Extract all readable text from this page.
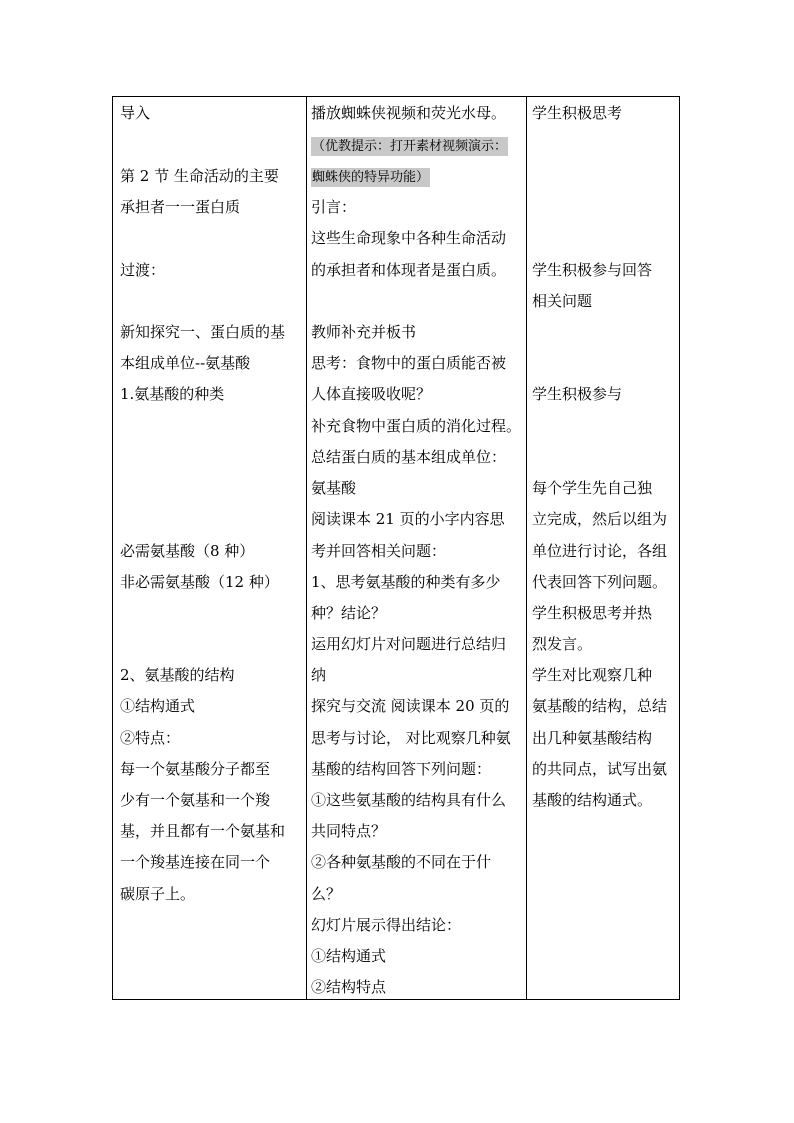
导入
第 2 节 生命活动的主要
承担者一一蛋白质
过渡：
新知探究一、蛋白质的基
本组成单位--氨基酸
1.氨基酸的种类
必需氨基酸（8 种）
非必需氨基酸（12 种）
2、氨基酸的结构
①结构通式
②特点：
每一个氨基酸分子都至
少有一个氨基和一个羧
基，并且都有一个氨基和
一个羧基连接在同一个
碳原子上。
播放蜘蛛侠视频和荧光水母。
（优教提示：打开素材视频演示：
蜘蛛侠的特异功能）
引言：
这些生命现象中各种生命活动
的承担者和体现者是蛋白质。
教师补充并板书
思考：食物中的蛋白质能否被
人体直接吸收呢？
补充食物中蛋白质的消化过程。
总结蛋白质的基本组成单位：
氨基酸
阅读课本 21 页的小字内容思
考并回答相关问题：
1、思考氨基酸的种类有多少
种？结论？
运用幻灯片对问题进行总结归
纳
探究与交流 阅读课本 20 页的
思考与讨论， 对比观察几种氨
基酸的结构回答下列问题：
①这些氨基酸的结构具有什么
共同特点？
②各种氨基酸的不同在于什
么？
幻灯片展示得出结论：
①结构通式
②结构特点
学生积极思考
学生积极参与回答
相关问题
学生积极参与
每个学生先自己独
立完成，然后以组为
单位进行讨论，各组
代表回答下列问题。
学生积极思考并热
烈发言。
学生对比观察几种
氨基酸的结构，总结
出几种氨基酸结构
的共同点，试写出氨
基酸的结构通式。
